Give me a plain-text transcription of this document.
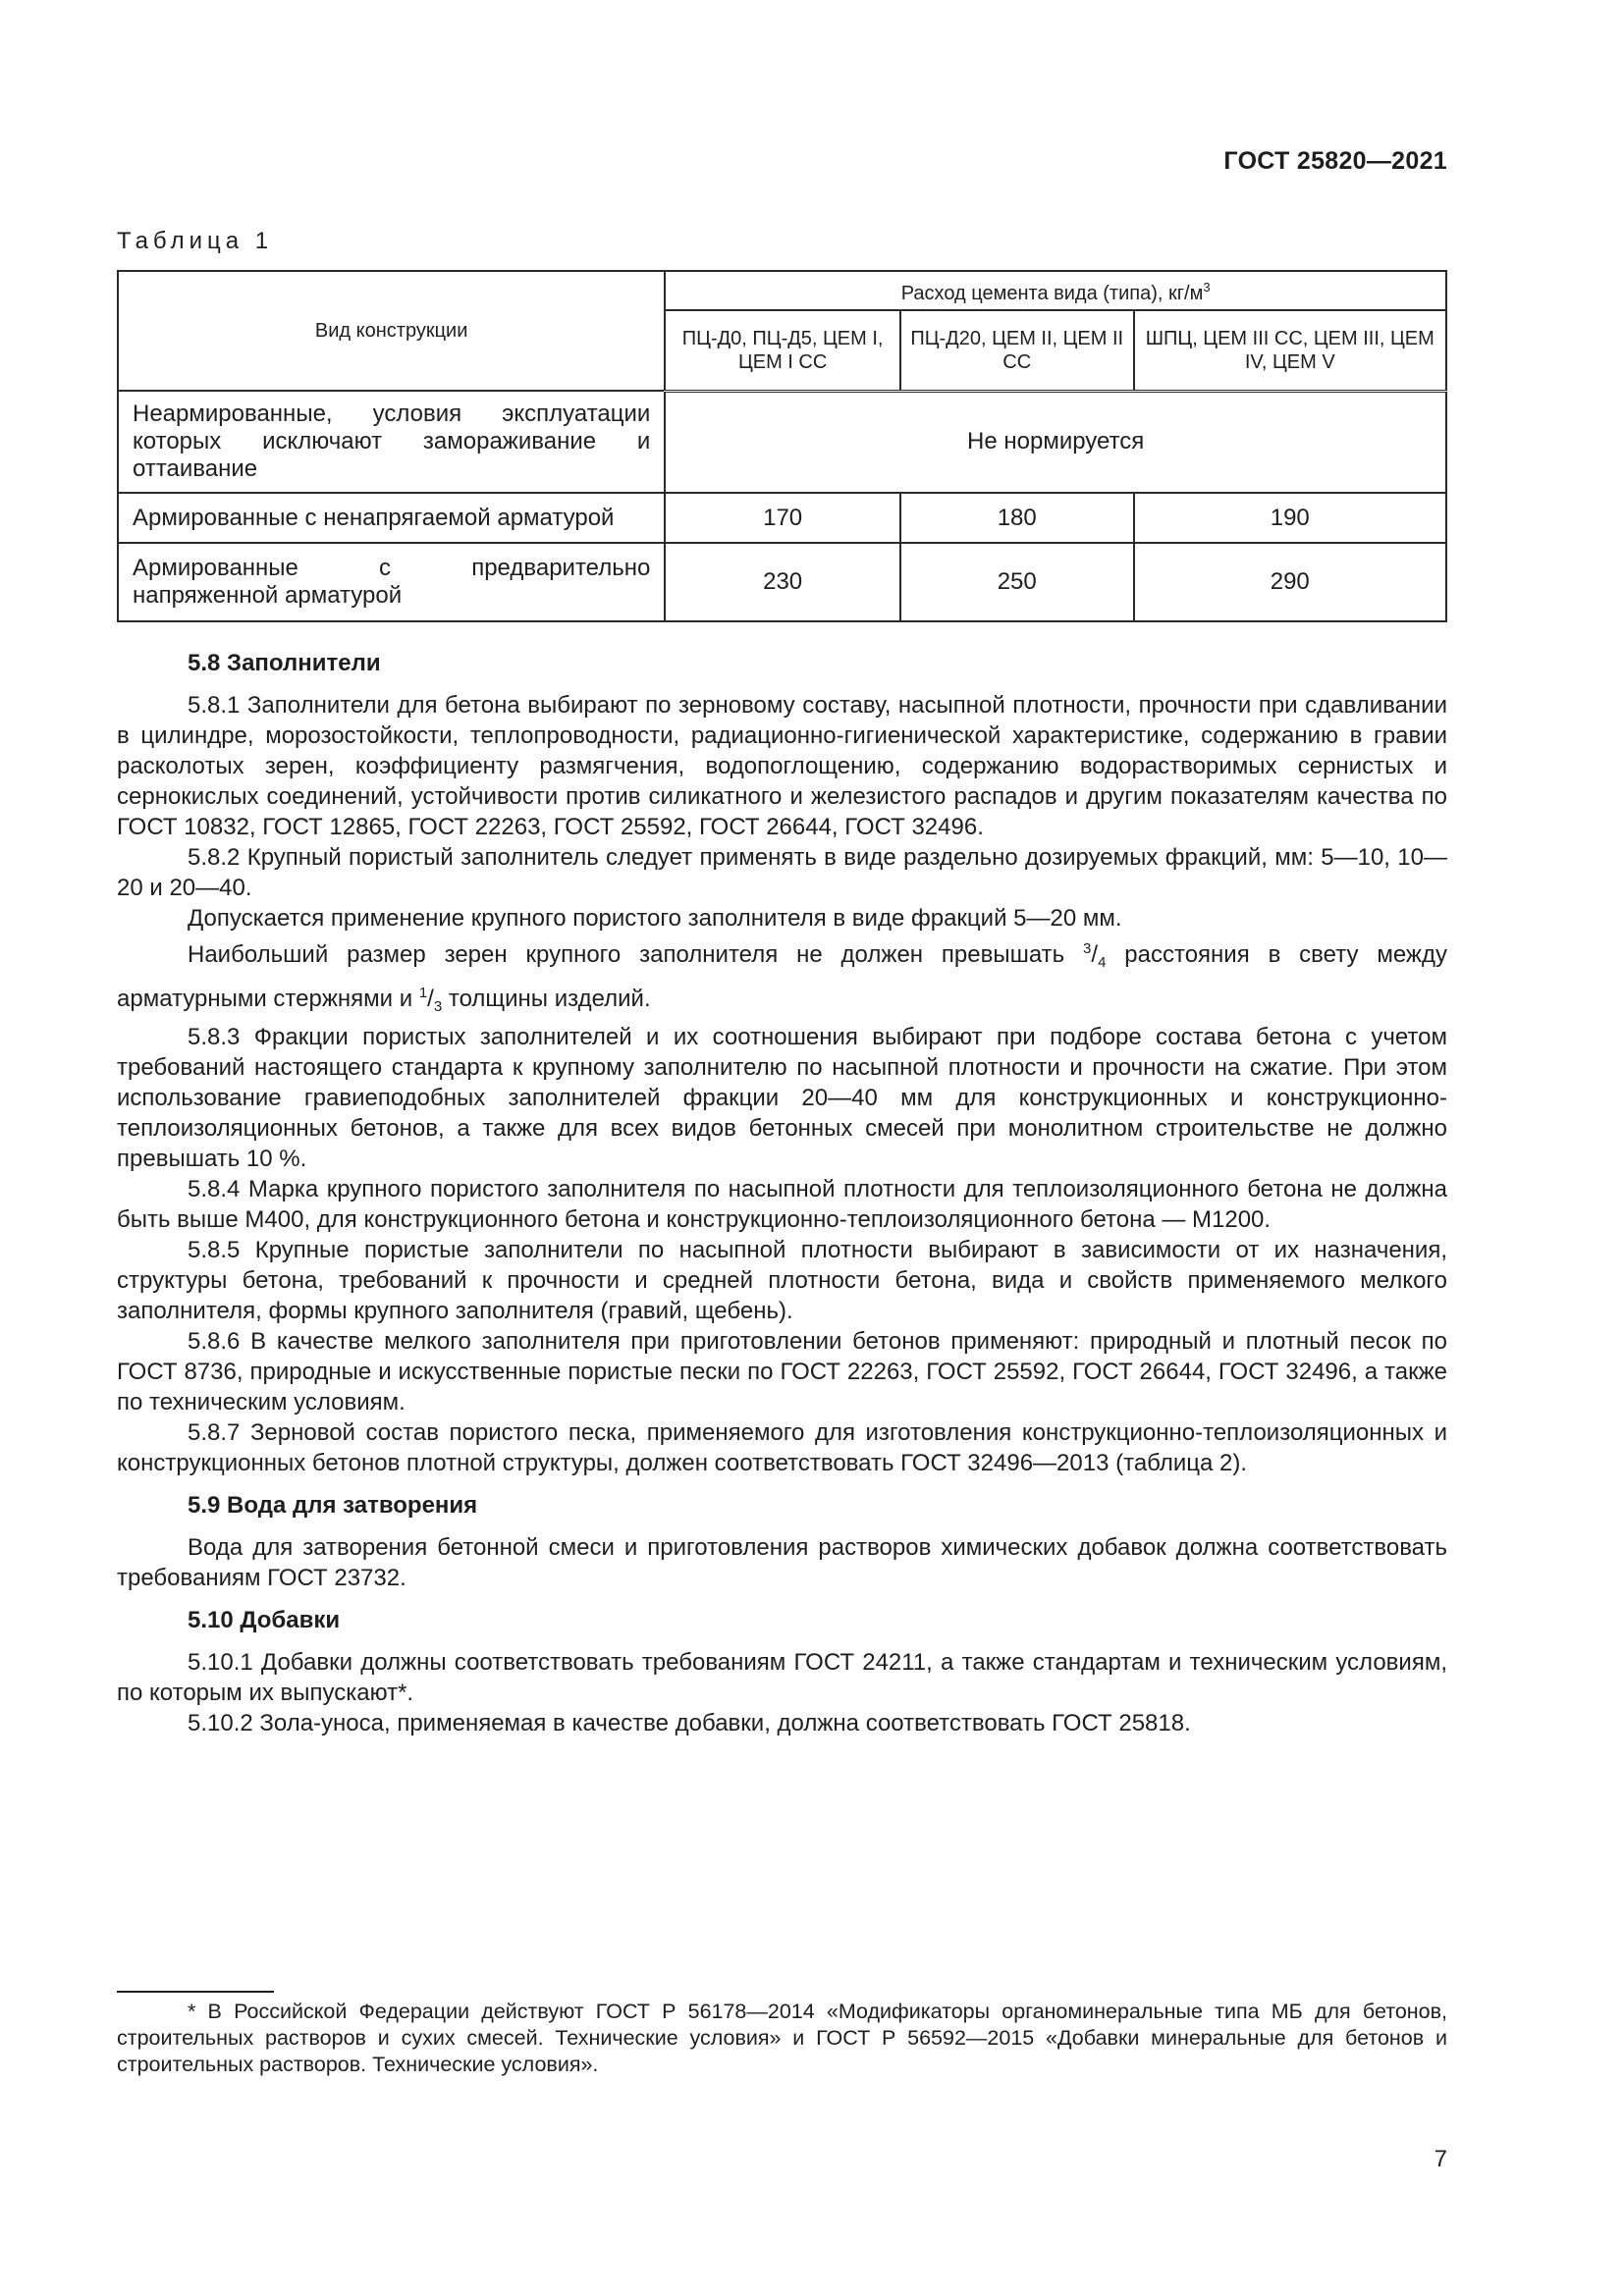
ГОСТ 25820—2021
Таблица 1
Вид конструкции	Расход цемента вида (типа), $кг/м^3$
	ПЦ-Д0, ПЦ-Д5, ЦЕМ I, ЦЕМ I СС	ПЦ-Д20, ЦЕМ II, ЦЕМ II СС	ШПЦ, ЦЕМ III СС, ЦЕМ III, ЦЕМ IV, ЦЕМ V
Неармированные, условия эксплуатации которых исключают замораживание и оттаивание	Не нормируется		
Армированные с ненапрягаемой арматурой	170	180	190
Армированные с предварительно напряженной арматурой	230	250	290
5.8 Заполнители

5.8.1 Заполнители для бетона выбирают по зерновому составу, насыпной плотности, прочности при сдавливании в цилиндре, морозостойкости, теплопроводности, радиационно-гигиенической характеристике, содержанию в гравии расколотых зерен, коэффициенту размягчения, водопоглощению, содержанию водорастворимых сернистых и сернокислых соединений, устойчивости против силикатного и железистого распадов и другим показателям качества по ГОСТ 10832, ГОСТ 12865, ГОСТ 22263, ГОСТ 25592, ГОСТ 26644, ГОСТ 32496.

5.8.2 Крупный пористый заполнитель следует применять в виде раздельно дозируемых фракций, мм: 5—10, 10—20 и 20—40.

Допускается применение крупного пористого заполнителя в виде фракций 5—20 мм.

Наибольший размер зерен крупного заполнителя не должен превышать $^3/_4$ расстояния в свету между арматурными стержнями и $^1/_3$ толщины изделий.

5.8.3 Фракции пористых заполнителей и их соотношения выбирают при подборе состава бетона с учетом требований настоящего стандарта к крупному заполнителю по насыпной плотности и прочности на сжатие. При этом использование гравиеподобных заполнителей фракции 20—40 мм для конструкционных и конструкционно-теплоизоляционных бетонов, а также для всех видов бетонных смесей при монолитном строительстве не должно превышать 10 %.

5.8.4 Марка крупного пористого заполнителя по насыпной плотности для теплоизоляционного бетона не должна быть выше М400, для конструкционного бетона и конструкционно-теплоизоляционного бетона — М1200.

5.8.5 Крупные пористые заполнители по насыпной плотности выбирают в зависимости от их назначения, структуры бетона, требований к прочности и средней плотности бетона, вида и свойств применяемого мелкого заполнителя, формы крупного заполнителя (гравий, щебень).

5.8.6 В качестве мелкого заполнителя при приготовлении бетонов применяют: природный и плотный песок по ГОСТ 8736, природные и искусственные пористые пески по ГОСТ 22263, ГОСТ 25592, ГОСТ 26644, ГОСТ 32496, а также по техническим условиям.

5.8.7 Зерновой состав пористого песка, применяемого для изготовления конструкционно-теплоизоляционных и конструкционных бетонов плотной структуры, должен соответствовать ГОСТ 32496—2013 (таблица 2).

5.9 Вода для затворения

Вода для затворения бетонной смеси и приготовления растворов химических добавок должна соответствовать требованиям ГОСТ 23732.

5.10 Добавки

5.10.1 Добавки должны соответствовать требованиям ГОСТ 24211, а также стандартам и техническим условиям, по которым их выпускают*.

5.10.2 Зола-уноса, применяемая в качестве добавки, должна соответствовать ГОСТ 25818.

* В Российской Федерации действуют ГОСТ Р 56178—2014 «Модификаторы органоминеральные типа МБ для бетонов, строительных растворов и сухих смесей. Технические условия» и ГОСТ Р 56592—2015 «Добавки минеральные для бетонов и строительных растворов. Технические условия».

7
